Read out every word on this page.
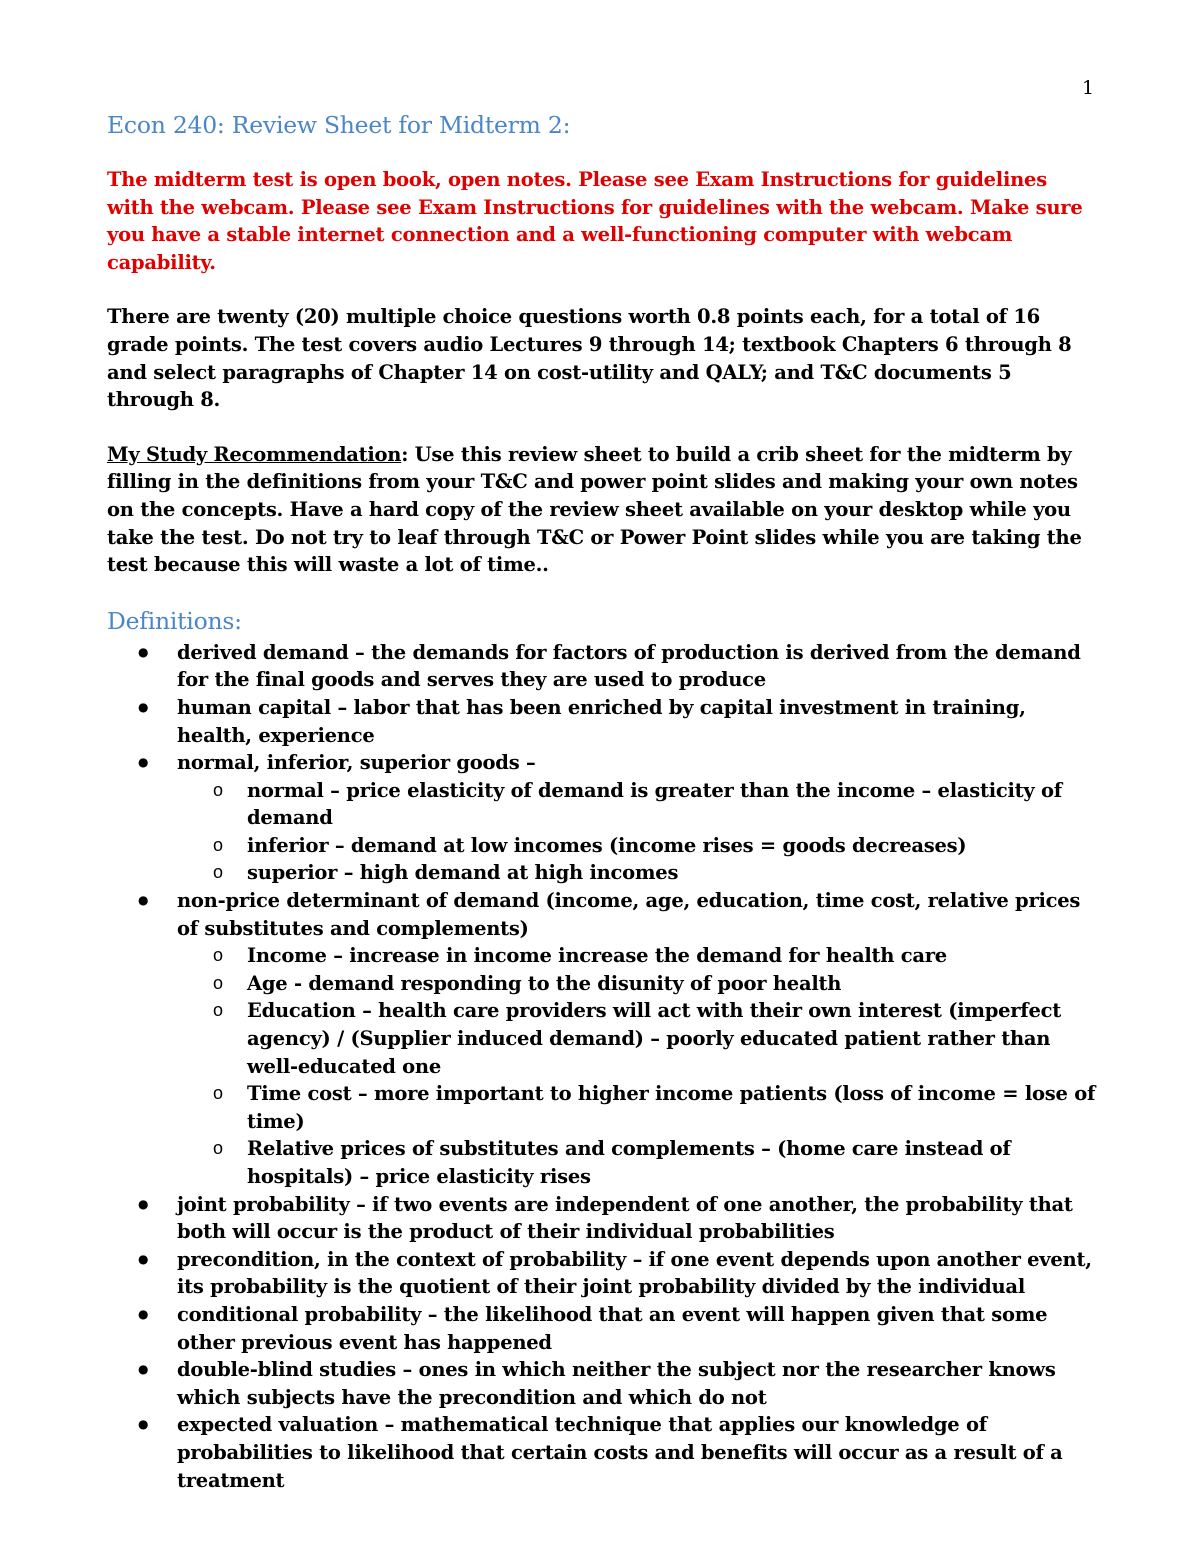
1
Econ 240: Review Sheet for Midterm 2:

The midterm test is open book, open notes. Please see Exam Instructions for guidelines with the webcam. Please see Exam Instructions for guidelines with the webcam. Make sure you have a stable internet connection and a well-functioning computer with webcam capability.

There are twenty (20) multiple choice questions worth 0.8 points each, for a total of 16 grade points. The test covers audio Lectures 9 through 14; textbook Chapters 6 through 8 and select paragraphs of Chapter 14 on cost-utility and QALY; and T&C documents 5 through 8.

My Study Recommendation: Use this review sheet to build a crib sheet for the midterm by filling in the definitions from your T&C and power point slides and making your own notes on the concepts. Have a hard copy of the review sheet available on your desktop while you take the test. Do not try to leaf through T&C or Power Point slides while you are taking the test because this will waste a lot of time..

Definitions:
● derived demand – the demands for factors of production is derived from the demand for the final goods and serves they are used to produce
● human capital – labor that has been enriched by capital investment in training, health, experience
● normal, inferior, superior goods –
o normal – price elasticity of demand is greater than the income – elasticity of demand
o inferior – demand at low incomes (income rises = goods decreases)
o superior – high demand at high incomes
● non-price determinant of demand (income, age, education, time cost, relative prices of substitutes and complements)
o Income – increase in income increase the demand for health care
o Age - demand responding to the disunity of poor health
o Education – health care providers will act with their own interest (imperfect agency) / (Supplier induced demand) – poorly educated patient rather than well-educated one
o Time cost – more important to higher income patients (loss of income = lose of time)
o Relative prices of substitutes and complements – (home care instead of hospitals) – price elasticity rises
● joint probability – if two events are independent of one another, the probability that both will occur is the product of their individual probabilities
● precondition, in the context of probability – if one event depends upon another event, its probability is the quotient of their joint probability divided by the individual
● conditional probability – the likelihood that an event will happen given that some other previous event has happened
● double-blind studies – ones in which neither the subject nor the researcher knows which subjects have the precondition and which do not
● expected valuation – mathematical technique that applies our knowledge of probabilities to likelihood that certain costs and benefits will occur as a result of a treatment
